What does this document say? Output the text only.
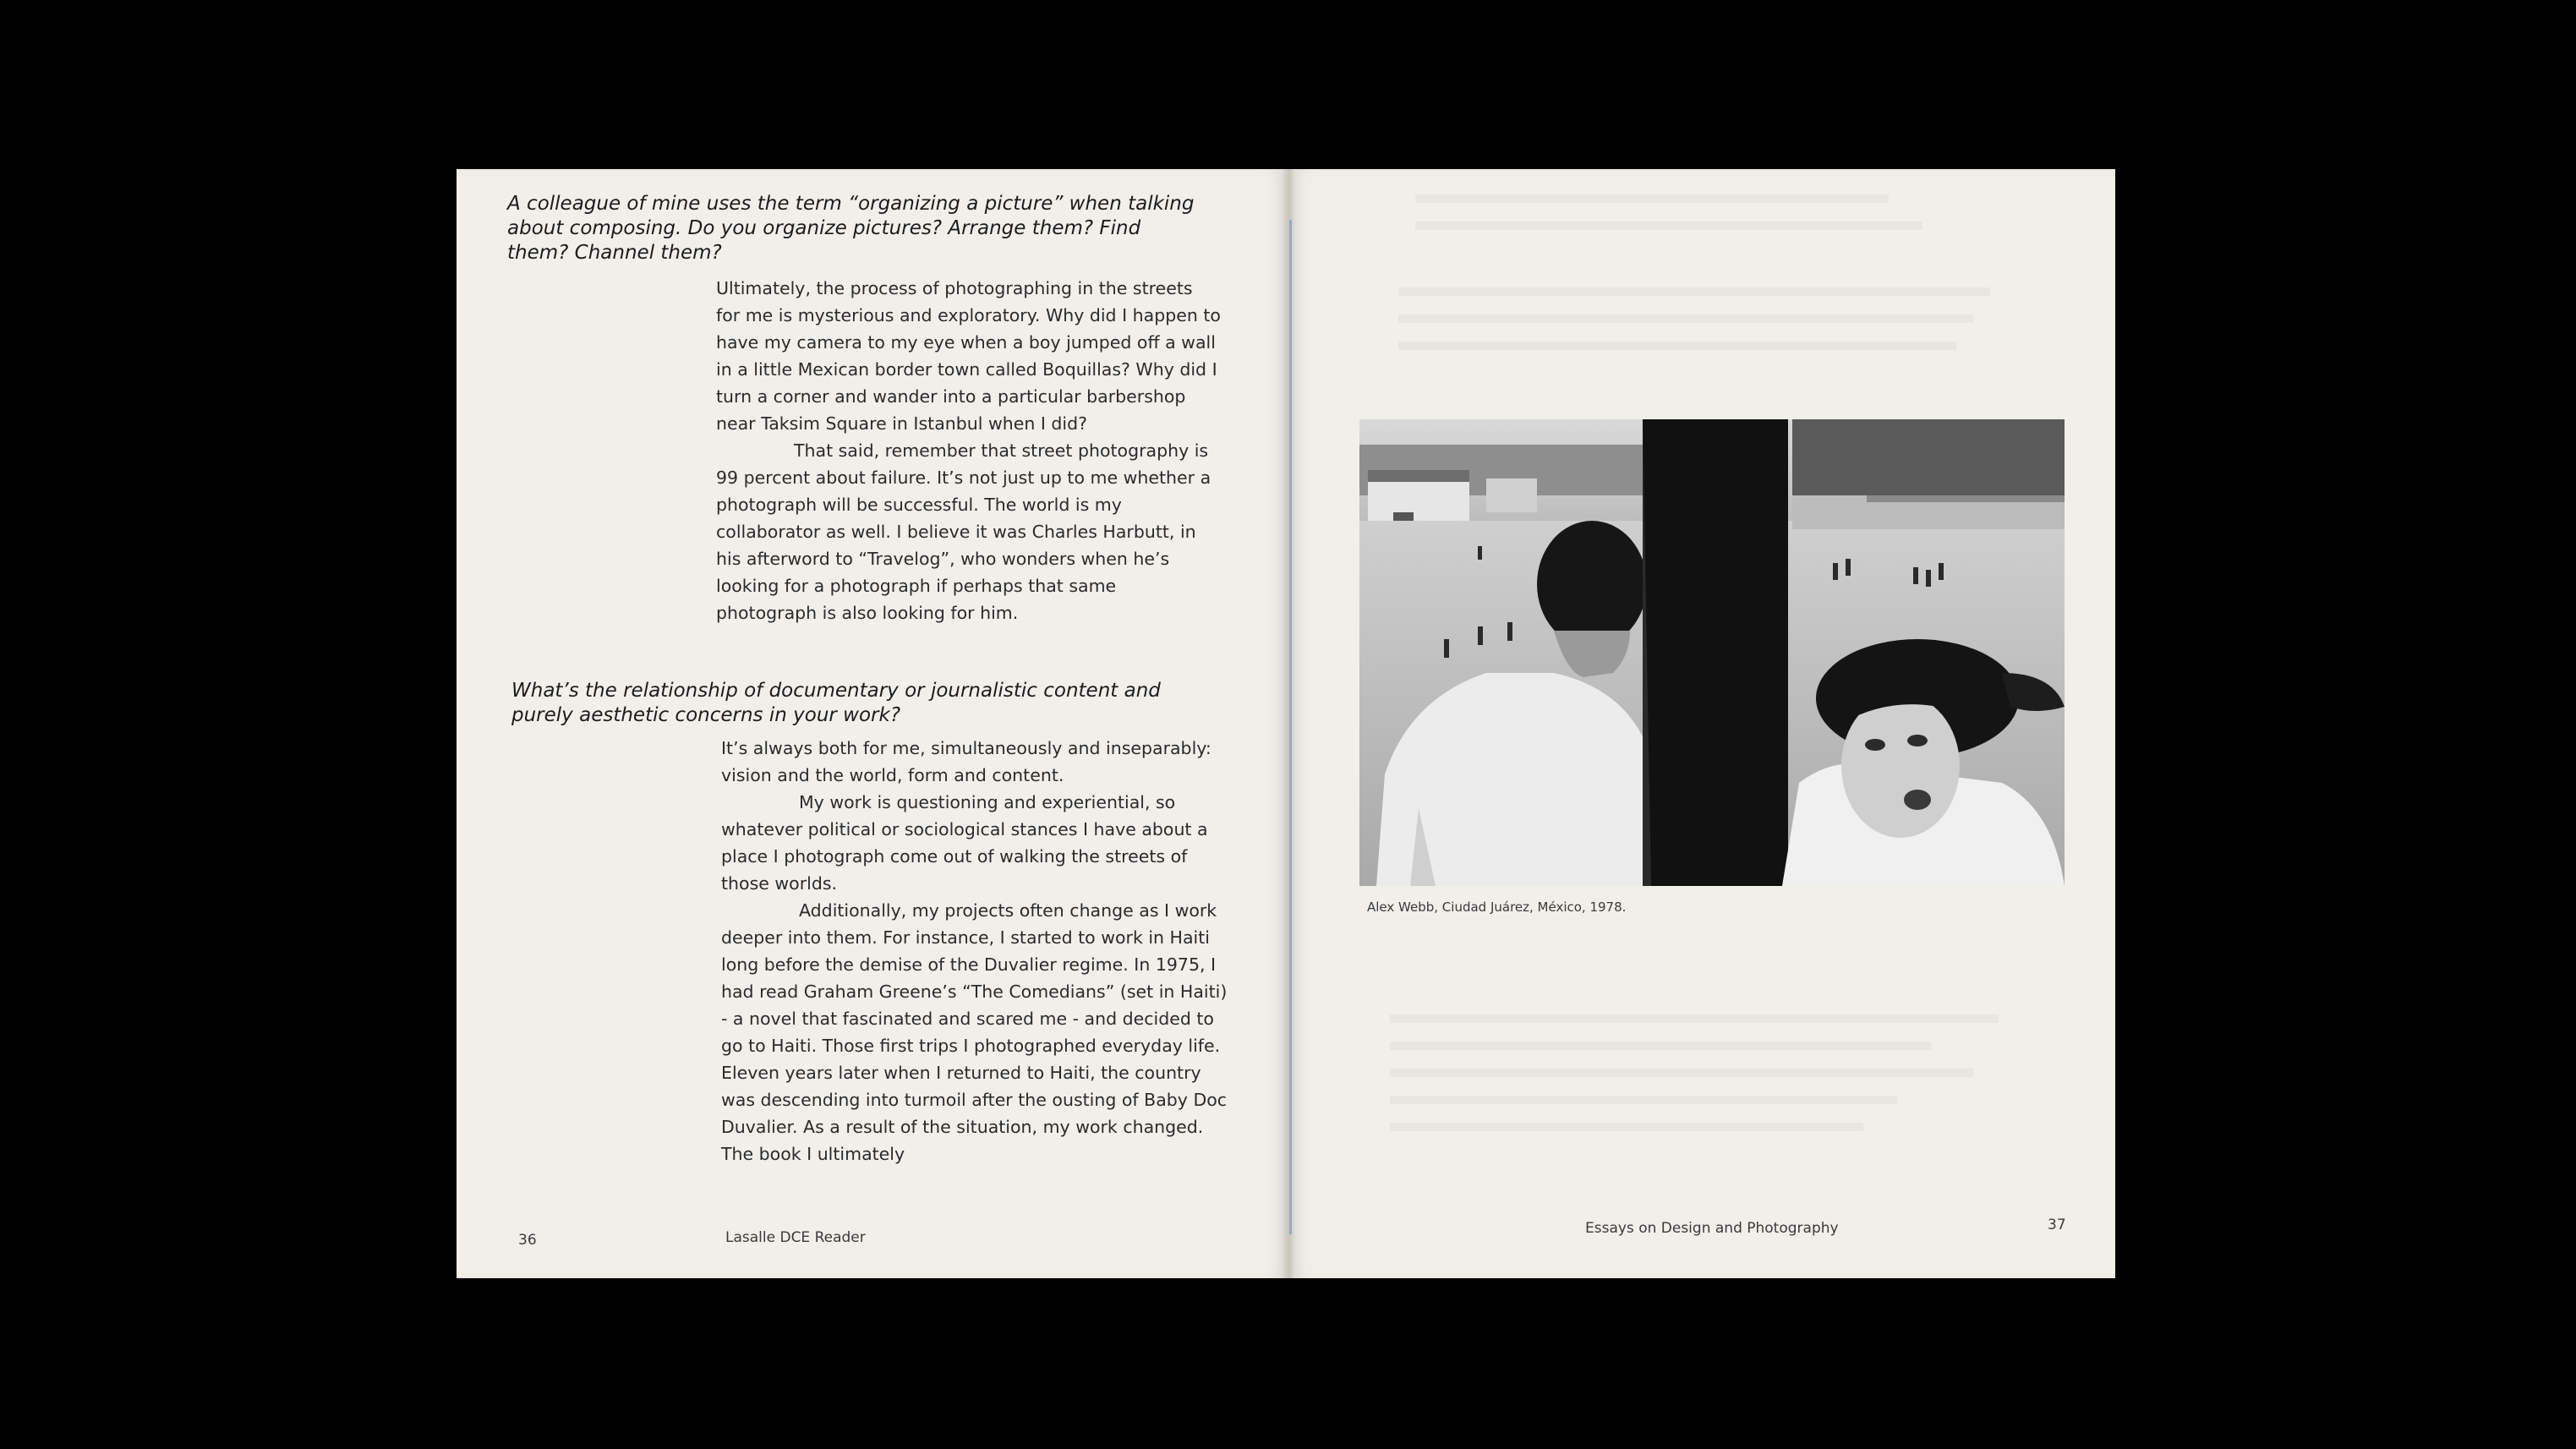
A colleague of mine uses the term “organizing a picture” when talking about composing. Do you organize pictures? Arrange them? Find them? Channel them?

Ultimately, the process of photographing in the streets for me is mysterious and exploratory. Why did I happen to have my camera to my eye when a boy jumped off a wall in a little Mexican border town called Boquillas? Why did I turn a corner and wander into a particular barbershop near Taksim Square in Istanbul when I did?

That said, remember that street photography is 99 percent about failure. It’s not just up to me whether a photograph will be successful. The world is my collaborator as well. I believe it was Charles Harbutt, in his afterword to “Travelog”, who wonders when he’s looking for a photograph if perhaps that same photograph is also looking for him.

What’s the relationship of documentary or journalistic content and purely aesthetic concerns in your work?

It’s always both for me, simultaneously and inseparably: vision and the world, form and content.

My work is questioning and experiential, so whatever political or sociological stances I have about a place I photograph come out of walking the streets of those worlds.

Additionally, my projects often change as I work deeper into them. For instance, I started to work in Haiti long before the demise of the Duvalier regime. In 1975, I had read Graham Greene’s “The Comedians” (set in Haiti) - a novel that fascinated and scared me - and decided to go to Haiti. Those first trips I photographed everyday life. Eleven years later when I returned to Haiti, the country was descending into turmoil after the ousting of Baby Doc Duvalier. As a result of the situation, my work changed. The book I ultimately

36	Lasalle DCE Reader
Alex Webb, Ciudad Juárez, México, 1978.
Essays on Design and Photography	37
